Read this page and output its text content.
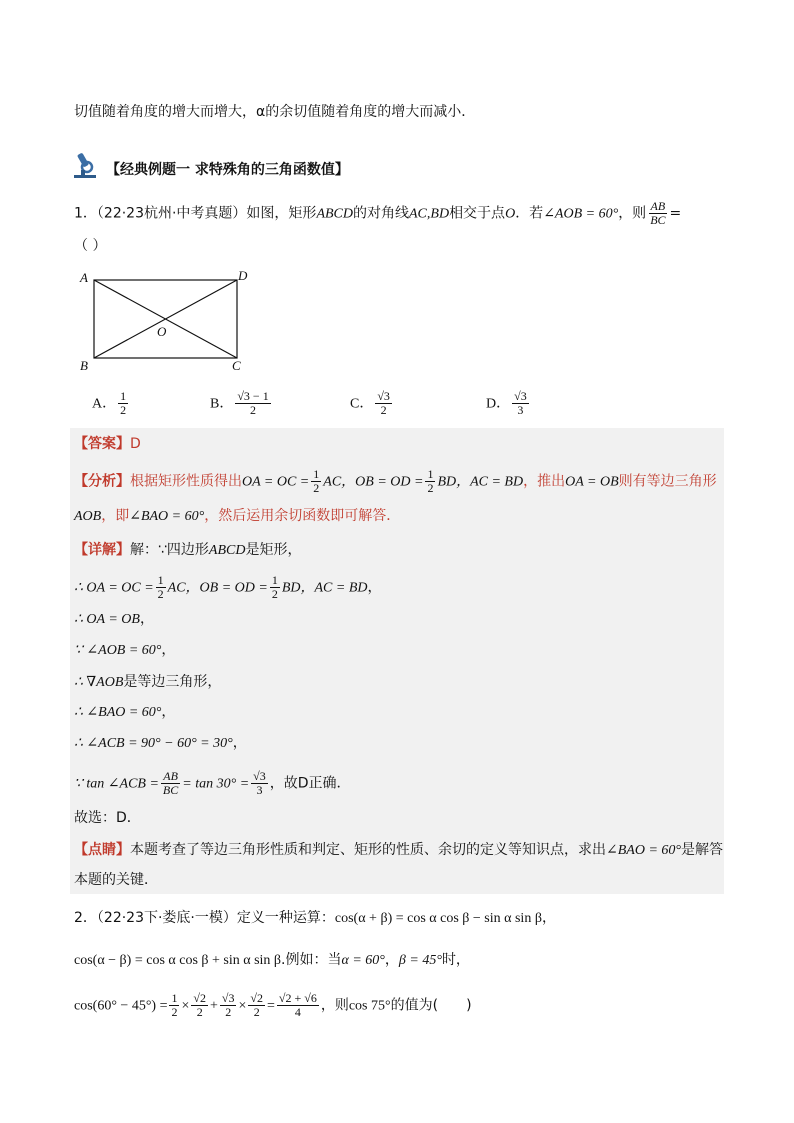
切值随着角度的增大而增大，α的余切值随着角度的增大而减小．
【经典例题一 求特殊角的三角函数值】
1．（22·23杭州·中考真题）如图，矩形ABCD的对角线AC,BD相交于点O．若∠AOB = 60°，则 $\frac{AB}{BC}$ =
（ ）
A	D
B	C
O
A． $\frac{1}{2}$	B． $\frac{√3 - 1}{2}$	C． $\frac{√3}{2}$	D． $\frac{√3}{3}$
【答案】D
【分析】根据矩形性质得出OA = OC = $\frac{1}{2}$ AC，OB = OD = $\frac{1}{2}$ BD，AC = BD，推出OA = OB则有等边三角形
AOB，即∠BAO = 60°，然后运用余切函数即可解答．
【详解】解：∵四边形ABCD是矩形，
∴ OA = OC = $\frac{1}{2}$ AC，OB = OD = $\frac{1}{2}$ BD，AC = BD，
∴ OA = OB，
∵ ∠AOB = 60°，
∴ ∇AOB是等边三角形，
∴ ∠BAO = 60°，
∴ ∠ACB = 90° − 60° = 30°，
∵ tan ∠ACB = $\frac{AB}{BC} = \tan 30^\circ = \frac{√3}{3}$ ，故D正确．
故选：D．
【点睛】本题考查了等边三角形性质和判定、矩形的性质、余切的定义等知识点，求出∠BAO = 60°是解答
本题的关键．
2．（22·23下·娄底·一模）定义一种运算：cos(α + β) = cos α cos β − sin α sin β，
cos(α − β) = cos α cos β + sin α sin β.例如：当α = 60°，β = 45°时，
$\cos(60^\circ - 45^\circ) = \frac{1}{2} \times \frac{√2}{2} + \frac{√3}{2} \times \frac{√2}{2} = \frac{√2 + √6}{4}$ ，则cos 75°的值为(　　)
